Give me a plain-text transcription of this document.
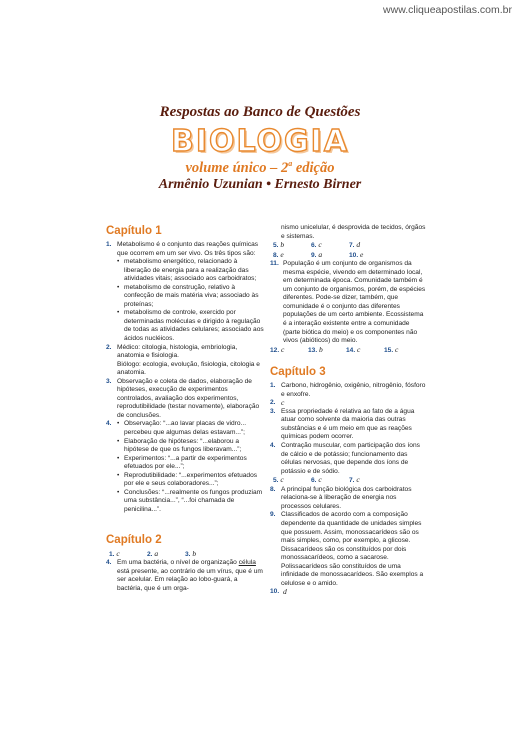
www.cliqueapostilas.com.br
Respostas ao Banco de Questões
BIOLOGIA
volume único – 2$^a$ edição
Armênio Uzunian • Ernesto Birner
Capítulo 1
1. Metabolismo é o conjunto das reações químicas que ocorrem em um ser vivo. Os três tipos são:
• metabolismo energético, relacionado à liberação de energia para a realização das atividades vitais; associado aos carboidratos;
• metabolismo de construção, relativo à confecção de mais matéria viva; associado às proteínas;
• metabolismo de controle, exercido por determinadas moléculas e dirigido à regulação de todas as atividades celulares; associado aos ácidos nucléicos.
2. Médico: citologia, histologia, embriologia, anatomia e fisiologia.
Biólogo: ecologia, evolução, fisiologia, citologia e anatomia.
3. Observação e coleta de dados, elaboração de hipóteses, execução de experimentos controlados, avaliação dos experimentos, reprodutibilidade (testar novamente), elaboração de conclusões.
4.
•	Observação: “...ao lavar placas de vidro... percebeu que algumas delas estavam...”;
• Elaboração de hipóteses: “...elaborou a hipótese de que os fungos liberavam...”;
• Experimentos: “...a partir de experimentos efetuados por ele...”;
• Reprodutibilidade: “...experimentos efetuados por ele e seus colaboradores...”;
• Conclusões: “...realmente os fungos produziam uma substância...”, “...foi chamada de penicilina...”.
Capítulo 2
1. c	2. a	3. b
4. Em uma bactéria, o nível de organização célula está presente, ao contrário de um vírus, que é um ser acelular. Em relação ao lobo-guará, a bactéria, que é um orga-
nismo unicelular, é desprovida de tecidos, órgãos e sistemas.
5. b	6. c	7. d
8. e	9. a	10. e
11. População é um conjunto de organismos da mesma espécie, vivendo em determinado local, em determinada época. Comunidade também é um conjunto de organismos, porém, de espécies diferentes. Pode-se dizer, também, que comunidade é o conjunto das diferentes populações de um certo ambiente. Ecossistema é a interação existente entre a comunidade (parte biótica do meio) e os componentes não vivos (abióticos) do meio.
12. c	13. b	14. c	15. c
Capítulo 3
1. Carbono, hidrogênio, oxigênio, nitrogênio, fósforo e enxofre.
2. c
3. Essa propriedade é relativa ao fato de a água atuar como solvente da maioria das outras substâncias e é um meio em que as reações químicas podem ocorrer.
4. Contração muscular, com participação dos íons de cálcio e de potássio; funcionamento das células nervosas, que depende dos íons de potássio e de sódio.
5. c	6. c	7. c
8. A principal função biológica dos carboidratos relaciona-se à liberação de energia nos processos celulares.
9. Classificados de acordo com a composição dependente da quantidade de unidades simples que possuem. Assim, monossacarídeos são os mais simples, como, por exemplo, a glicose. Dissacarídeos são os constituídos por dois monossacarídeos, como a sacarose. Polissacarídeos são constituídos de uma infinidade de monossacarídeos. São exemplos a celulose e o amido.
10. d
